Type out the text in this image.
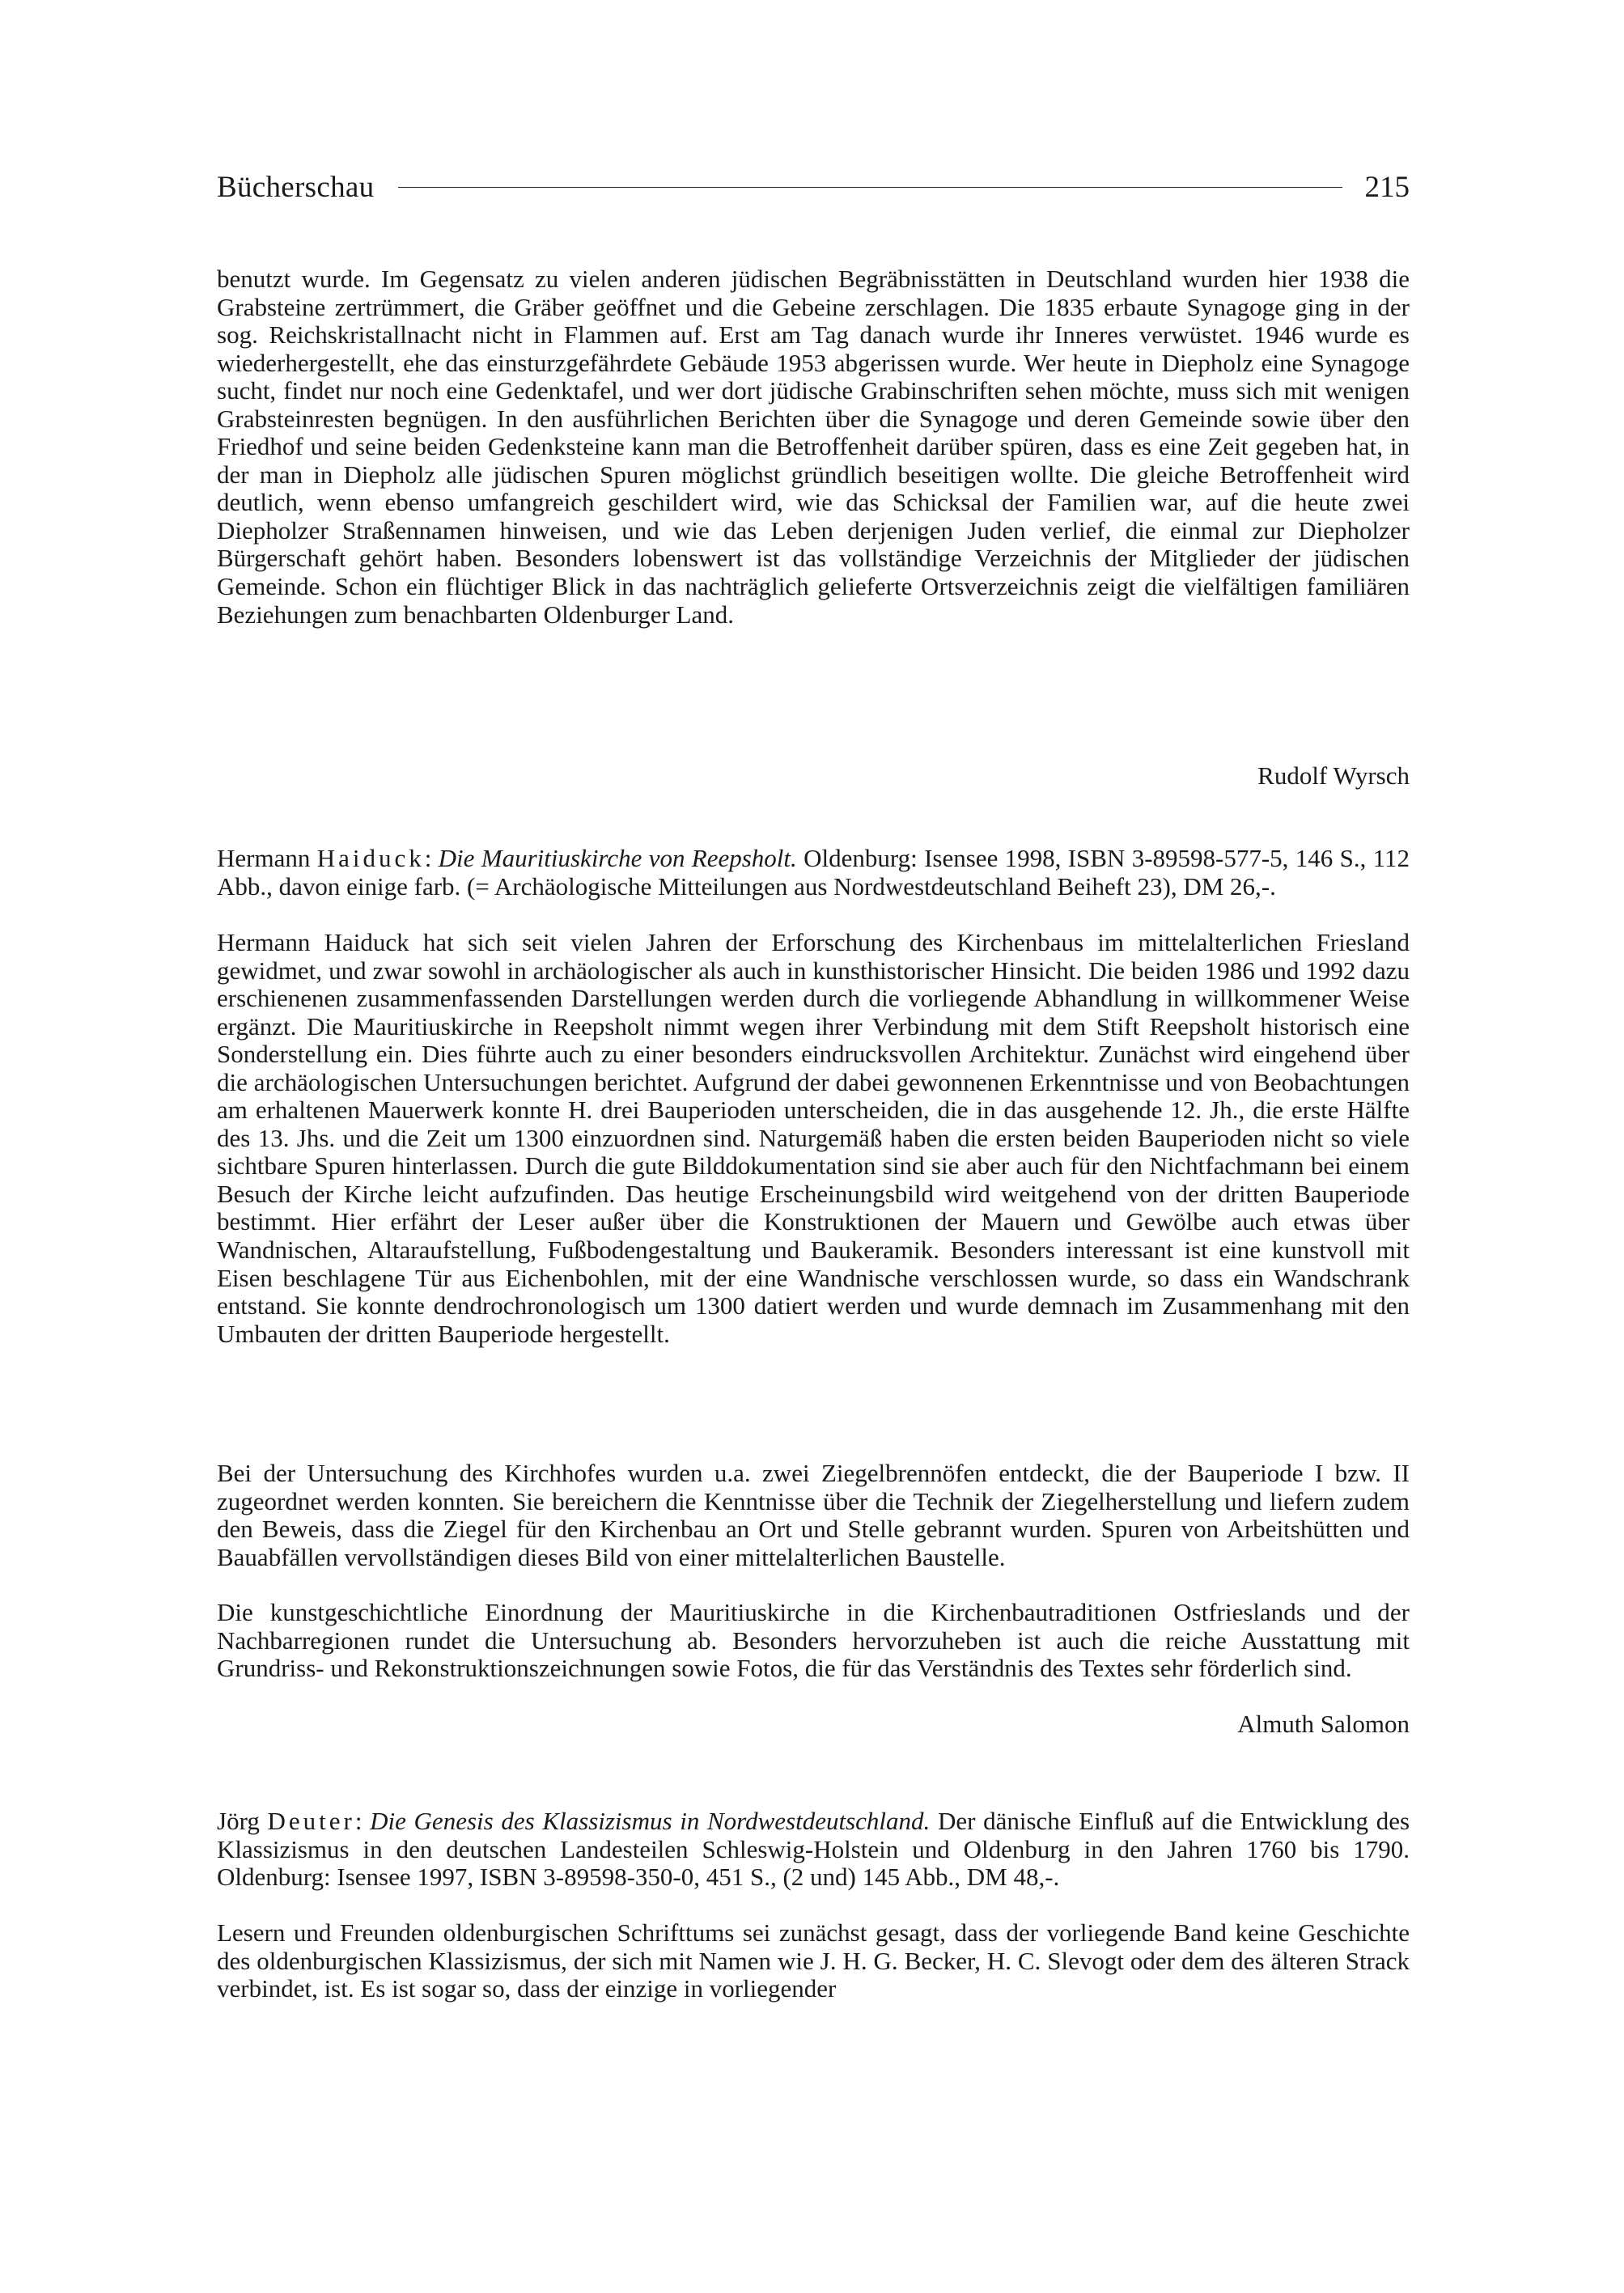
Bücherschau	215

benutzt wurde. Im Gegensatz zu vielen anderen jüdischen Begräbnisstätten in Deutschland wurden hier 1938 die Grabsteine zertrümmert, die Gräber geöffnet und die Gebeine zerschlagen. Die 1835 erbaute Synagoge ging in der sog. Reichskristallnacht nicht in Flammen auf. Erst am Tag danach wurde ihr Inneres verwüstet. 1946 wurde es wiederhergestellt, ehe das einsturzgefährdete Gebäude 1953 abgerissen wurde. Wer heute in Diepholz eine Synagoge sucht, findet nur noch eine Gedenktafel, und wer dort jüdische Grabinschriften sehen möchte, muss sich mit wenigen Grabsteinresten begnügen. In den ausführlichen Berichten über die Synagoge und deren Gemeinde sowie über den Friedhof und seine beiden Gedenksteine kann man die Betroffenheit darüber spüren, dass es eine Zeit gegeben hat, in der man in Diepholz alle jüdischen Spuren möglichst gründlich beseitigen wollte. Die gleiche Betroffenheit wird deutlich, wenn ebenso umfangreich geschildert wird, wie das Schicksal der Familien war, auf die heute zwei Diepholzer Straßennamen hinweisen, und wie das Leben derjenigen Juden verlief, die einmal zur Diepholzer Bürgerschaft gehört haben. Besonders lobenswert ist das vollständige Verzeichnis der Mitglieder der jüdischen Gemeinde. Schon ein flüchtiger Blick in das nachträglich gelieferte Ortsverzeichnis zeigt die vielfältigen familiären Beziehungen zum benachbarten Oldenburger Land.

Rudolf Wyrsch

Hermann Haiduck: Die Mauritiuskirche von Reepsholt. Oldenburg: Isensee 1998, ISBN 3-89598-577-5, 146 S., 112 Abb., davon einige farb. (= Archäologische Mitteilungen aus Nordwestdeutschland Beiheft 23), DM 26,-.

Hermann Haiduck hat sich seit vielen Jahren der Erforschung des Kirchenbaus im mittelalterlichen Friesland gewidmet, und zwar sowohl in archäologischer als auch in kunsthistorischer Hinsicht. Die beiden 1986 und 1992 dazu erschienenen zusammenfassenden Darstellungen werden durch die vorliegende Abhandlung in willkommener Weise ergänzt. Die Mauritiuskirche in Reepsholt nimmt wegen ihrer Verbindung mit dem Stift Reepsholt historisch eine Sonderstellung ein. Dies führte auch zu einer besonders eindrucksvollen Architektur. Zunächst wird eingehend über die archäologischen Untersuchungen berichtet. Aufgrund der dabei gewonnenen Erkenntnisse und von Beobachtungen am erhaltenen Mauerwerk konnte H. drei Bauperioden unterscheiden, die in das ausgehende 12. Jh., die erste Hälfte des 13. Jhs. und die Zeit um 1300 einzuordnen sind. Naturgemäß haben die ersten beiden Bauperioden nicht so viele sichtbare Spuren hinterlassen. Durch die gute Bilddokumentation sind sie aber auch für den Nichtfachmann bei einem Besuch der Kirche leicht aufzufinden. Das heutige Erscheinungsbild wird weitgehend von der dritten Bauperiode bestimmt. Hier erfährt der Leser außer über die Konstruktionen der Mauern und Gewölbe auch etwas über Wandnischen, Altaraufstellung, Fußbodengestaltung und Baukeramik. Besonders interessant ist eine kunstvoll mit Eisen beschlagene Tür aus Eichenbohlen, mit der eine Wandnische verschlossen wurde, so dass ein Wandschrank entstand. Sie konnte dendrochronologisch um 1300 datiert werden und wurde demnach im Zusammenhang mit den Umbauten der dritten Bauperiode hergestellt.

Bei der Untersuchung des Kirchhofes wurden u.a. zwei Ziegelbrennöfen entdeckt, die der Bauperiode I bzw. II zugeordnet werden konnten. Sie bereichern die Kenntnisse über die Technik der Ziegelherstellung und liefern zudem den Beweis, dass die Ziegel für den Kirchenbau an Ort und Stelle gebrannt wurden. Spuren von Arbeitshütten und Bauabfällen vervollständigen dieses Bild von einer mittelalterlichen Baustelle.

Die kunstgeschichtliche Einordnung der Mauritiuskirche in die Kirchenbautraditionen Ostfrieslands und der Nachbarregionen rundet die Untersuchung ab. Besonders hervorzuheben ist auch die reiche Ausstattung mit Grundriss- und Rekonstruktionszeichnungen sowie Fotos, die für das Verständnis des Textes sehr förderlich sind.

Almuth Salomon

Jörg Deuter: Die Genesis des Klassizismus in Nordwestdeutschland. Der dänische Einfluß auf die Entwicklung des Klassizismus in den deutschen Landesteilen Schleswig-Holstein und Oldenburg in den Jahren 1760 bis 1790. Oldenburg: Isensee 1997, ISBN 3-89598-350-0, 451 S., (2 und) 145 Abb., DM 48,-.

Lesern und Freunden oldenburgischen Schrifttums sei zunächst gesagt, dass der vorliegende Band keine Geschichte des oldenburgischen Klassizismus, der sich mit Namen wie J. H. G. Becker, H. C. Slevogt oder dem des älteren Strack verbindet, ist. Es ist sogar so, dass der einzige in vorliegender
